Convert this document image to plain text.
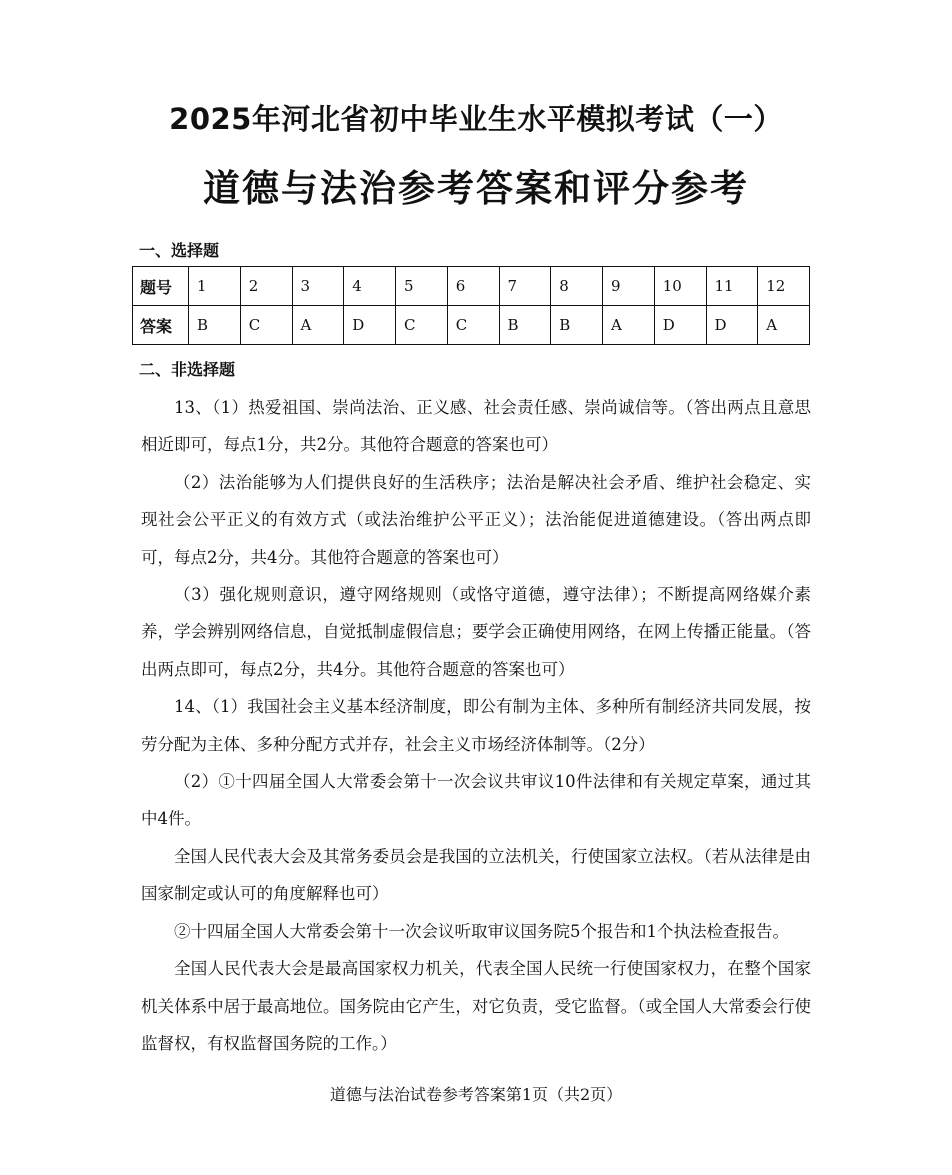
2025年河北省初中毕业生水平模拟考试（一）
道德与法治参考答案和评分参考
一、选择题
题号	1	2	3	4	5	6	7	8	9	10	11	12
答案	B	C	A	D	C	C	B	B	A	D	D	A
二、非选择题

13、（1）热爱祖国、崇尚法治、正义感、社会责任感、崇尚诚信等。（答出两点且意思相近即可，每点1分，共2分。其他符合题意的答案也可）

（2）法治能够为人们提供良好的生活秩序；法治是解决社会矛盾、维护社会稳定、实现社会公平正义的有效方式（或法治维护公平正义）；法治能促进道德建设。（答出两点即可，每点2分，共4分。其他符合题意的答案也可）

（3）强化规则意识，遵守网络规则（或恪守道德，遵守法律）；不断提高网络媒介素养，学会辨别网络信息，自觉抵制虚假信息；要学会正确使用网络，在网上传播正能量。（答出两点即可，每点2分，共4分。其他符合题意的答案也可）

14、（1）我国社会主义基本经济制度，即公有制为主体、多种所有制经济共同发展，按劳分配为主体、多种分配方式并存，社会主义市场经济体制等。（2分）

（2）①十四届全国人大常委会第十一次会议共审议10件法律和有关规定草案，通过其中4件。

全国人民代表大会及其常务委员会是我国的立法机关，行使国家立法权。（若从法律是由国家制定或认可的角度解释也可）

②十四届全国人大常委会第十一次会议听取审议国务院5个报告和1个执法检查报告。

全国人民代表大会是最高国家权力机关，代表全国人民统一行使国家权力，在整个国家机关体系中居于最高地位。国务院由它产生，对它负责，受它监督。（或全国人大常委会行使监督权，有权监督国务院的工作。）

道德与法治试卷参考答案第1页（共2页）
